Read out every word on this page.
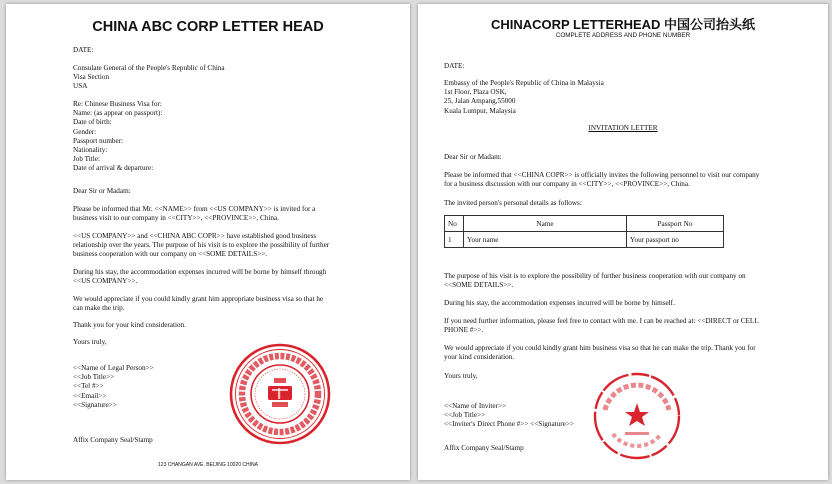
CHINA ABC CORP LETTER HEAD

DATE:

Consulate General of the People's Republic of China
Visa Section
USA
Re: Chinese Business Visa for:
Name: (as appear on passport):
Date of birth:
Gender:
Passport number:
Nationality:
Job Title:
Date of arrival & departure:

Dear Sir or Madam:

Please be informed that Mr. <<NAME>> from <<US COMPANY>> is invited for a
business visit to our company in <<CITY>>, <<PROVINCE>>, China.
<<US COMPANY>> and <<CHINA ABC COPR>> have established good business
relationship over the years. The purpose of his visit is to explore the possibility of further
business cooperation with our company on <<SOME DETAILS>>.
During his stay, the accommodation expenses incurred will be borne by himself through
<<US COMPANY>>.
We would appreciate if you could kindly grant him appropriate business visa so that he
can make the trip.

Thank you for your kind consideration.

Yours truly,

<<Name of Legal Person>>
<<Job Title>>
<<Tel #>>
<<Email>>
<<Signature>>

Affix Company Seal/Stamp

123 CHANGAN AVE. BEIJING 10020 CHINA

CHINACORP LETTERHEAD 中国公司抬头纸

COMPLETE ADDRESS AND PHONE NUMBER

DATE:

Embassy of the People's Republic of China in Malaysia
1st Floor, Plaza OSK,
25, Jalan Ampang,55000
Kuala Lumpur, Malaysia

INVITATION LETTER

Dear Sir or Madam:

Please be informed that <<CHINA COPR>> is officially invites the following personnel to visit our company
for a business discussion with our company in <<CITY>>, <<PROVINCE>>, China.

The invited person's personal details as follows:

No	Name	Passport No
1	Your name	Your passport no
The purpose of his visit is to explore the possibility of further business cooperation with our company on
<<SOME DETAILS>>.

During his stay, the accommodation expenses incurred will be borne by himself.

If you need further information, please feel free to contact with me. I can be reached at: <<DIRECT or CELL
PHONE #>>.
We would appreciate if you could kindly grant him business visa so that he can make the trip. Thank you for
your kind consideration.

Yours truly,

<<Name of Inviter>>
<<Job Title>>
<<Inviter's Direct Phone #>> <<Signature>>

Affix Company Seal/Stamp
